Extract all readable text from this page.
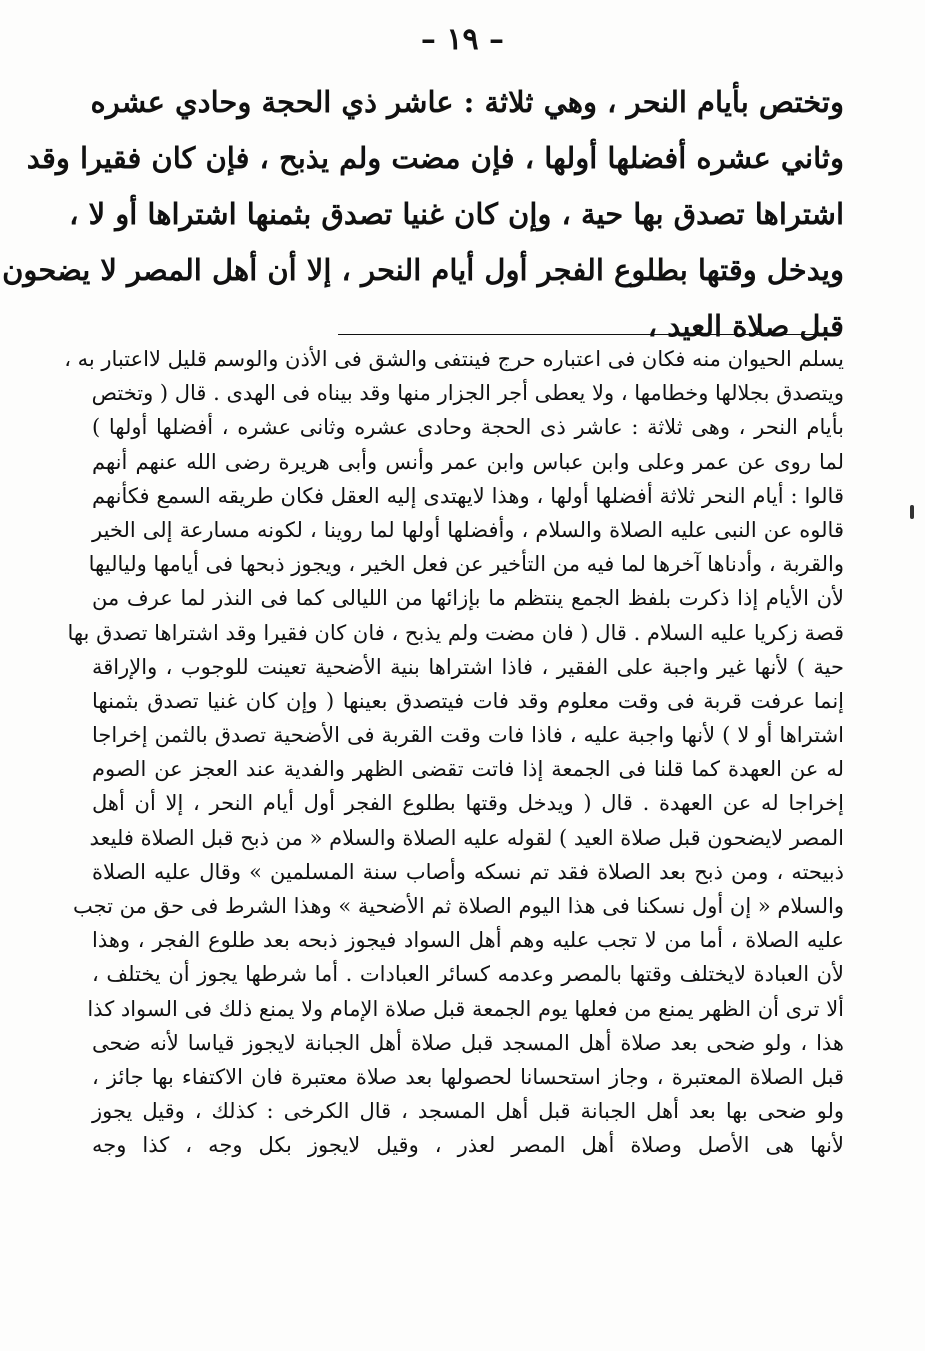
– ١٩ –
وتختص بأيام النحر ، وهي ثلاثة : عاشر ذي الحجة وحادي عشره
وثاني عشره أفضلها أولها ، فإن مضت ولم يذبح ، فإن كان فقيرا وقد
اشتراها تصدق بها حية ، وإن كان غنيا تصدق بثمنها اشتراها أو لا ،
ويدخل وقتها بطلوع الفجر أول أيام النحر ، إلا أن أهل المصر لا يضحون
قبل صلاة العيد ،
يسلم الحيوان منه فكان فى اعتباره حرج فينتفى والشق فى الأذن والوسم قليل لااعتبار به ،
ويتصدق بجلالها وخطامها ، ولا يعطى أجر الجزار منها وقد بيناه فى الهدى . قال ( وتختص
بأيام النحر ، وهى ثلاثة : عاشر ذى الحجة وحادى عشره وثانى عشره ، أفضلها أولها )
لما روى عن عمر وعلى وابن عباس وابن عمر وأنس وأبى هريرة رضى الله عنهم أنهم
قالوا : أيام النحر ثلاثة أفضلها أولها ، وهذا لايهتدى إليه العقل فكان طريقه السمع فكأنهم
قالوه عن النبى عليه الصلاة والسلام ، وأفضلها أولها لما روينا ، لكونه مسارعة إلى الخير
والقربة ، وأدناها آخرها لما فيه من التأخير عن فعل الخير ، ويجوز ذبحها فى أيامها ولياليها
لأن الأيام إذا ذكرت بلفظ الجمع ينتظم ما بإزائها من الليالى كما فى النذر لما عرف من
قصة زكريا عليه السلام . قال ( فان مضت ولم يذبح ، فان كان فقيرا وقد اشتراها تصدق بها
حية ) لأنها غير واجبة على الفقير ، فاذا اشتراها بنية الأضحية تعينت للوجوب ، والإراقة
إنما عرفت قربة فى وقت معلوم وقد فات فيتصدق بعينها ( وإن كان غنيا تصدق بثمنها
اشتراها أو لا ) لأنها واجبة عليه ، فاذا فات وقت القربة فى الأضحية تصدق بالثمن إخراجا
له عن العهدة كما قلنا فى الجمعة إذا فاتت تقضى الظهر والفدية عند العجز عن الصوم
إخراجا له عن العهدة . قال ( ويدخل وقتها بطلوع الفجر أول أيام النحر ، إلا أن أهل
المصر لايضحون قبل صلاة العيد ) لقوله عليه الصلاة والسلام « من ذبح قبل الصلاة فليعد
ذبيحته ، ومن ذبح بعد الصلاة فقد تم نسكه وأصاب سنة المسلمين » وقال عليه الصلاة
والسلام « إن أول نسكنا فى هذا اليوم الصلاة ثم الأضحية » وهذا الشرط فى حق من تجب
عليه الصلاة ، أما من لا تجب عليه وهم أهل السواد فيجوز ذبحه بعد طلوع الفجر ، وهذا
لأن العبادة لايختلف وقتها بالمصر وعدمه كسائر العبادات . أما شرطها يجوز أن يختلف ،
ألا ترى أن الظهر يمنع من فعلها يوم الجمعة قبل صلاة الإمام ولا يمنع ذلك فى السواد كذا
هذا ، ولو ضحى بعد صلاة أهل المسجد قبل صلاة أهل الجبانة لايجوز قياسا لأنه ضحى
قبل الصلاة المعتبرة ، وجاز استحسانا لحصولها بعد صلاة معتبرة فان الاكتفاء بها جائز ،
ولو ضحى بها بعد أهل الجبانة قبل أهل المسجد ، قال الكرخى : كذلك ، وقيل يجوز
لأنها هى الأصل وصلاة أهل المصر لعذر ، وقيل لايجوز بكل وجه ، كذا وجه
